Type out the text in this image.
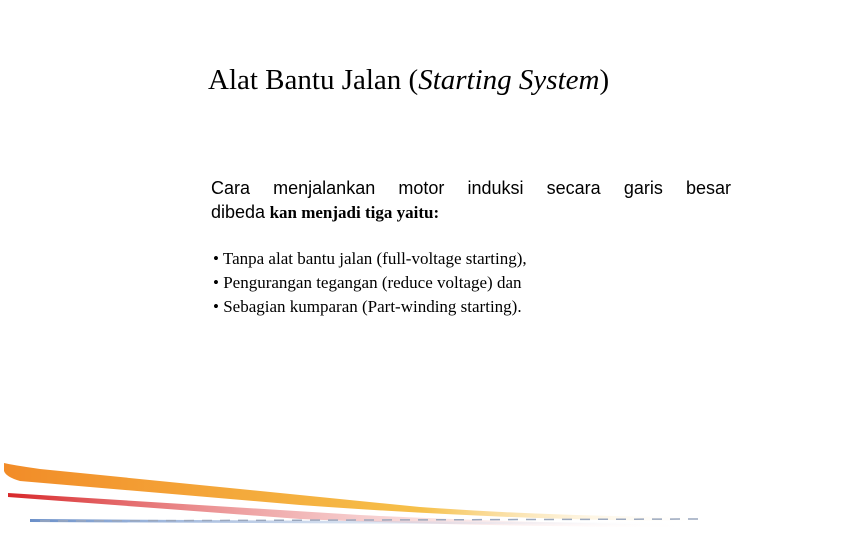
Alat Bantu Jalan (Starting System)
Cara menjalankan motor induksi secara garis besar
dibeda kan menjadi tiga yaitu:
• Tanpa alat bantu jalan (full-voltage starting),
• Pengurangan tegangan (reduce voltage) dan
• Sebagian kumparan (Part-winding starting).
